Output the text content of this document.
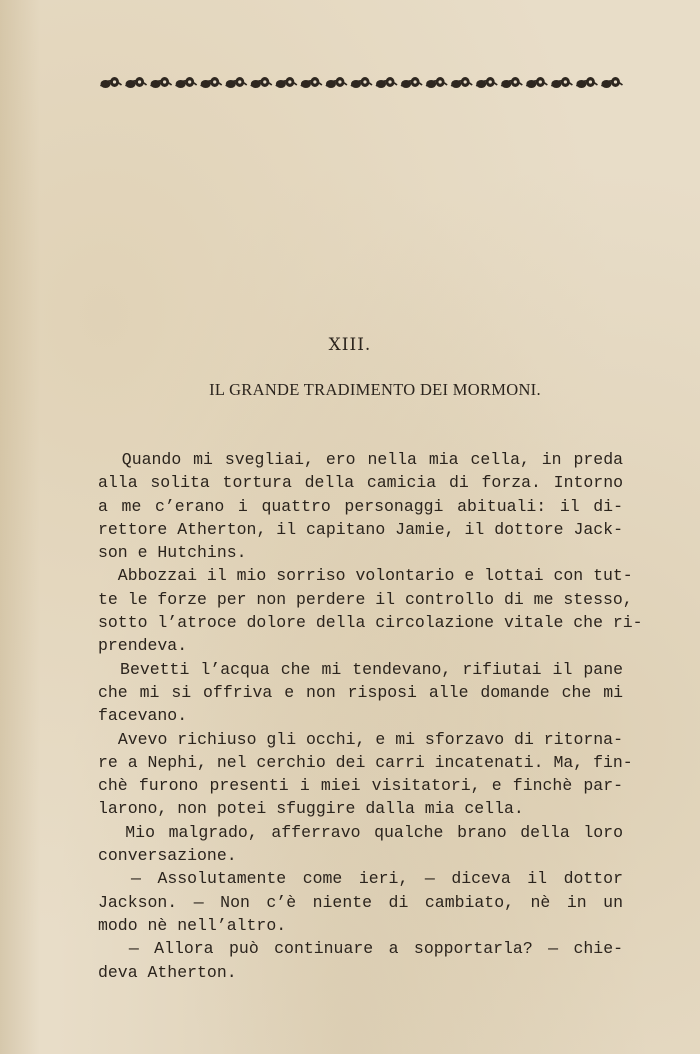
XIII.
IL GRANDE TRADIMENTO DEI MORMONI.
Quando mi svegliai, ero nella mia cella, in preda
alla solita tortura della camicia di forza. Intorno
a me c’erano i quattro personaggi abituali: il di-
rettore Atherton, il capitano Jamie, il dottore Jack-
son e Hutchins.
Abbozzai il mio sorriso volontario e lottai con tut-
te le forze per non perdere il controllo di me stesso,
sotto l’atroce dolore della circolazione vitale che ri-
prendeva.
Bevetti l’acqua che mi tendevano, rifiutai il pane
che mi si offriva e non risposi alle domande che mi
facevano.
Avevo richiuso gli occhi, e mi sforzavo di ritorna-
re a Nephi, nel cerchio dei carri incatenati. Ma, fin-
chè furono presenti i miei visitatori, e finchè par-
larono, non potei sfuggire dalla mia cella.
Mio malgrado, afferravo qualche brano della loro
conversazione.
— Assolutamente come ieri, — diceva il dottor
Jackson. — Non c’è niente di cambiato, nè in un
modo nè nell’altro.
— Allora può continuare a sopportarla? — chie-
deva Atherton.
